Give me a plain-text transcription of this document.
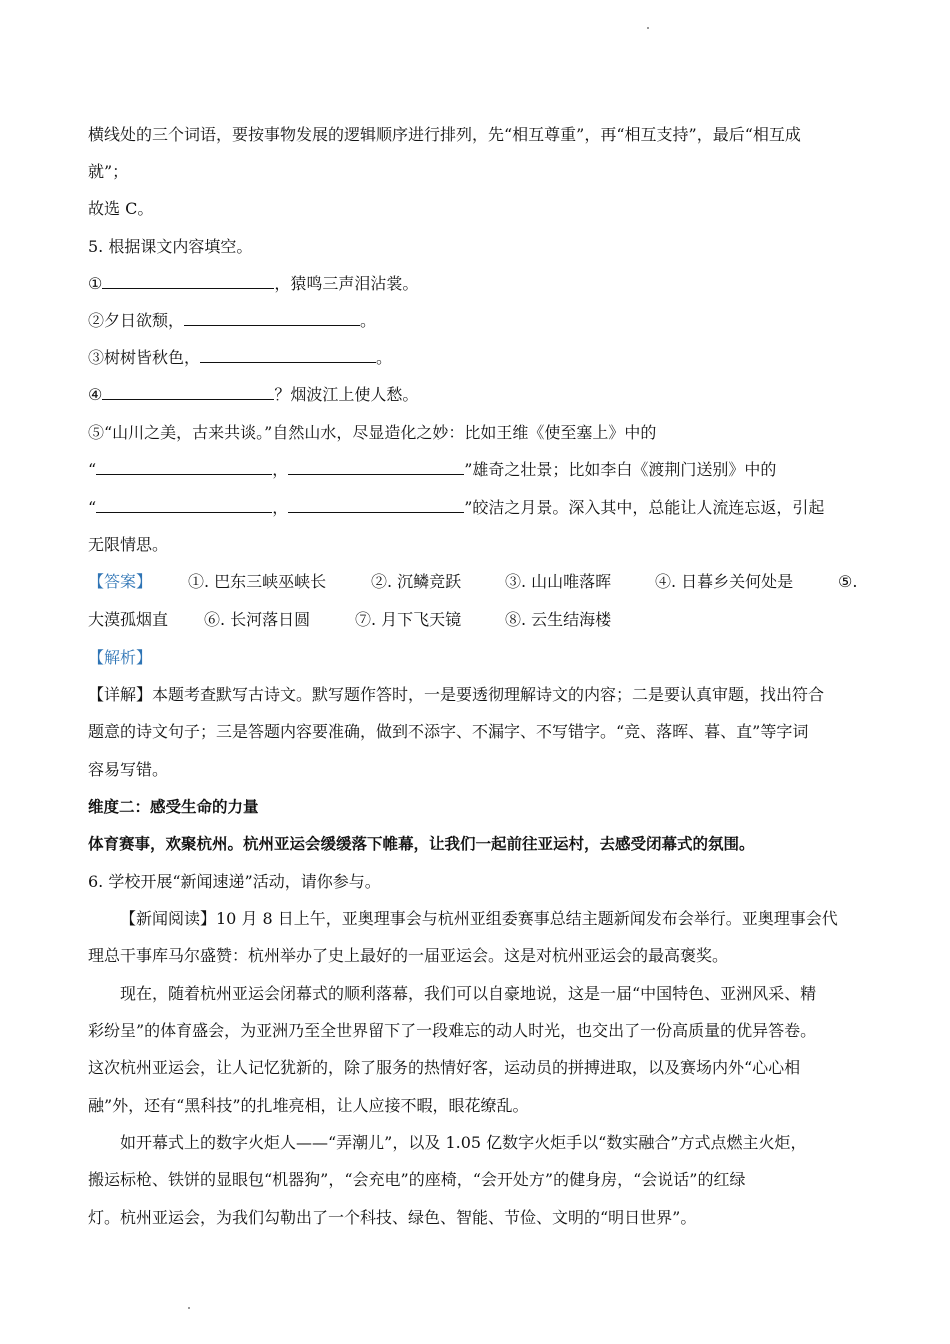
横线处的三个词语，要按事物发展的逻辑顺序进行排列，先“相互尊重”，再“相互支持”，最后“相互成
就”；
故选 C。
5. 根据课文内容填空。
①	，猿鸣三声泪沾裳。
②夕日欲颓，	。
③树树皆秋色，	。
④	？烟波江上使人愁。
⑤“山川之美，古来共谈。”自然山水，尽显造化之妙：比如王维《使至塞上》中的
“	，	”雄奇之壮景；比如李白《渡荆门送别》中的
“	，	”皎洁之月景。深入其中，总能让人流连忘返，引起
无限情思。
【答案】 ①. 巴东三峡巫峡长	②. 沉鳞竞跃	③. 山山唯落晖	④. 日暮乡关何处是	⑤.
大漠孤烟直 ⑥. 长河落日圆	⑦. 月下飞天镜	⑧. 云生结海楼
【解析】
【详解】本题考查默写古诗文。默写题作答时，一是要透彻理解诗文的内容；二是要认真审题，找出符合
题意的诗文句子；三是答题内容要准确，做到不添字、不漏字、不写错字。“竞、落晖、暮、直”等字词
容易写错。
维度二：感受生命的力量
体育赛事，欢聚杭州。杭州亚运会缓缓落下帷幕，让我们一起前往亚运村，去感受闭幕式的氛围。
6. 学校开展“新闻速递”活动，请你参与。
【新闻阅读】10 月 8 日上午，亚奥理事会与杭州亚组委赛事总结主题新闻发布会举行。亚奥理事会代
理总干事库马尔盛赞：杭州举办了史上最好的一届亚运会。这是对杭州亚运会的最高褒奖。
现在，随着杭州亚运会闭幕式的顺利落幕，我们可以自豪地说，这是一届“中国特色、亚洲风采、精
彩纷呈”的体育盛会，为亚洲乃至全世界留下了一段难忘的动人时光，也交出了一份高质量的优异答卷。
这次杭州亚运会，让人记忆犹新的，除了服务的热情好客，运动员的拼搏进取，以及赛场内外“心心相
融”外，还有“黑科技”的扎堆亮相，让人应接不暇，眼花缭乱。
如开幕式上的数字火炬人——“弄潮儿”，以及 1.05 亿数字火炬手以“数实融合”方式点燃主火炬，
搬运标枪、铁饼的显眼包“机器狗”，“会充电”的座椅，“会开处方”的健身房，“会说话”的红绿
灯。杭州亚运会，为我们勾勒出了一个科技、绿色、智能、节俭、文明的“明日世界”。
